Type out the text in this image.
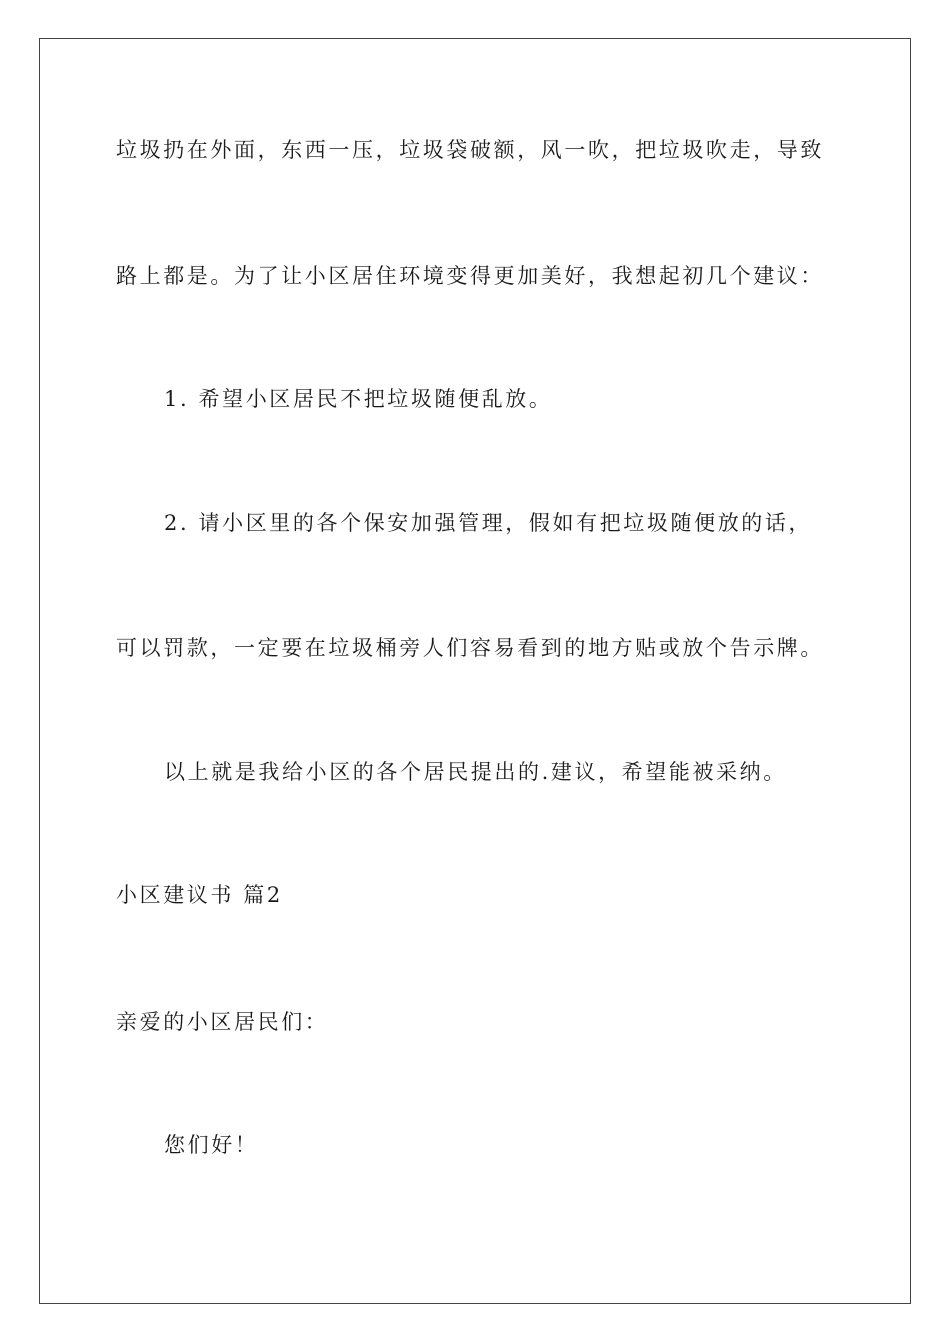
垃圾扔在外面，东西一压，垃圾袋破额，风一吹，把垃圾吹走，导致
路上都是。为了让小区居住环境变得更加美好，我想起初几个建议：
1. 希望小区居民不把垃圾随便乱放。
2. 请小区里的各个保安加强管理，假如有把垃圾随便放的话，
可以罚款，一定要在垃圾桶旁人们容易看到的地方贴或放个告示牌。
以上就是我给小区的各个居民提出的.建议，希望能被采纳。
小区建议书 篇2
亲爱的小区居民们：
您们好！
